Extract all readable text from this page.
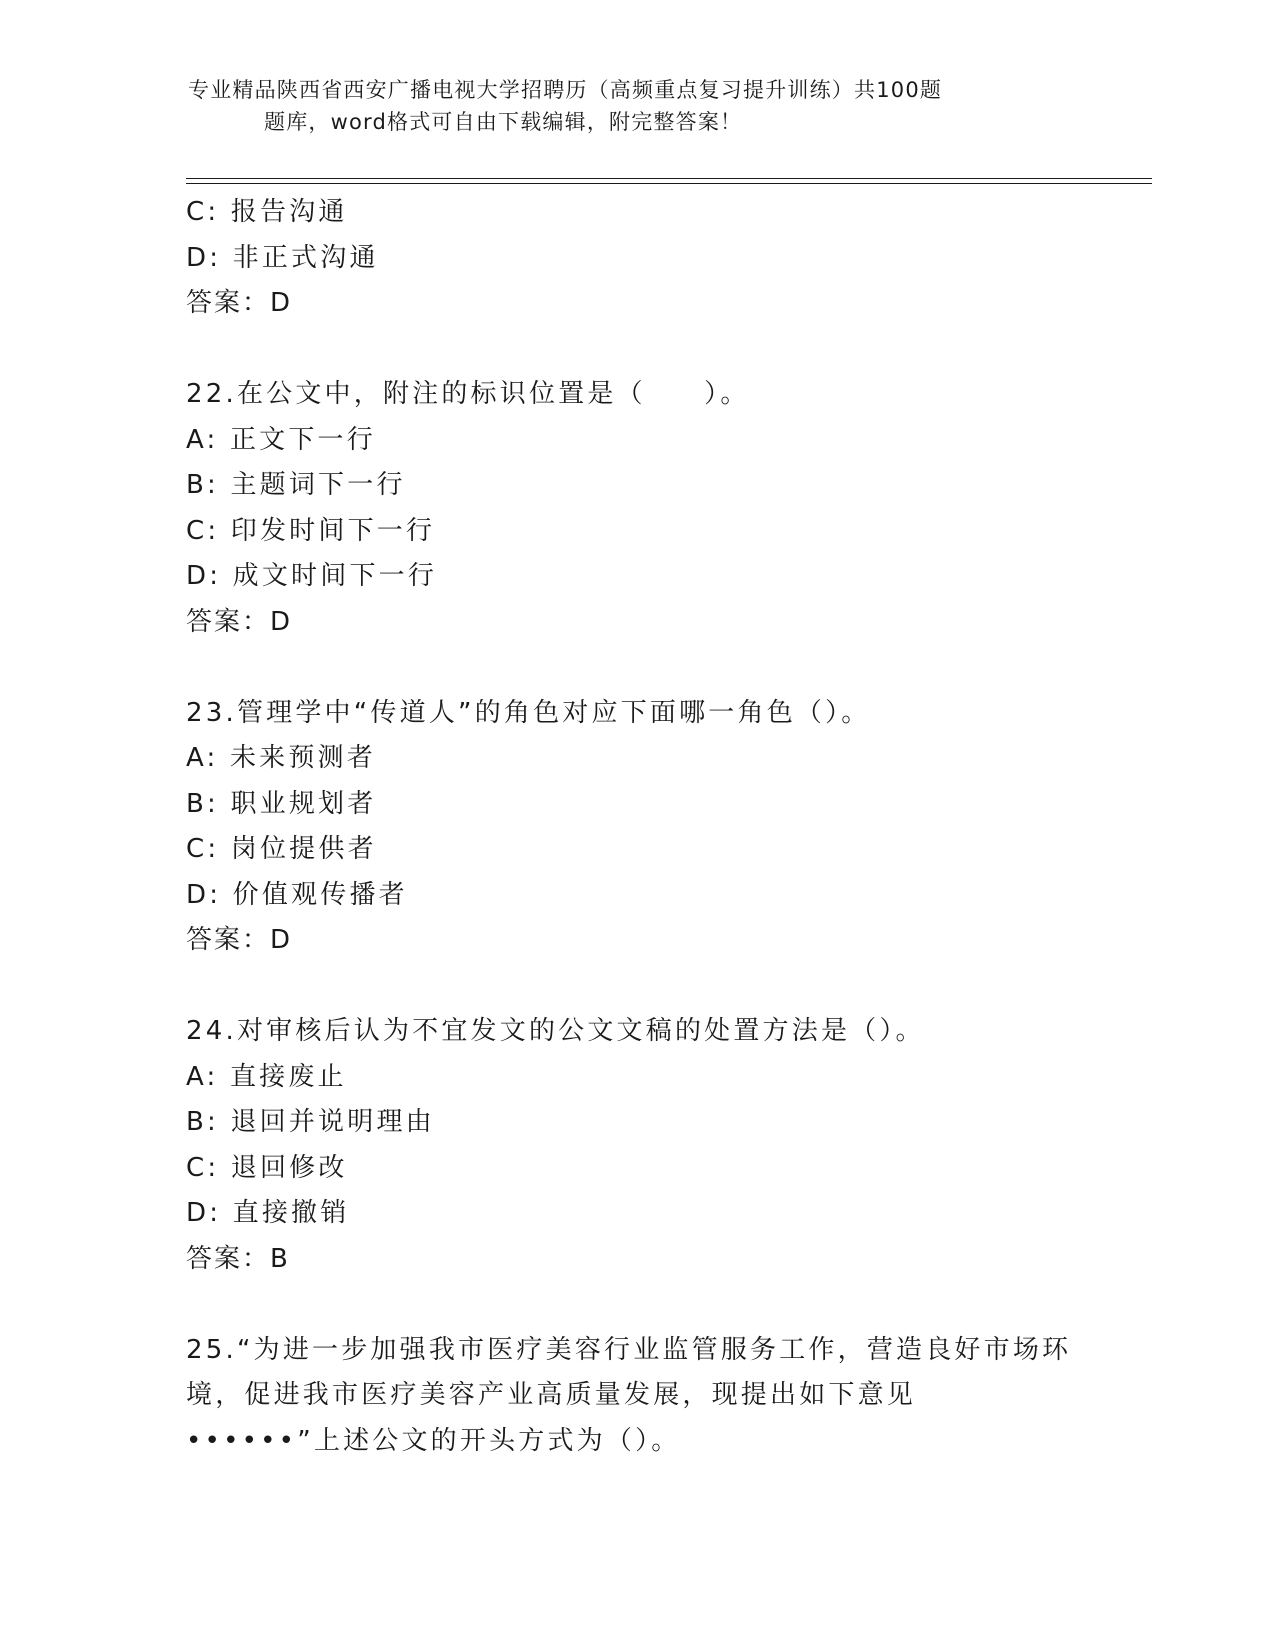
专业精品陕西省西安广播电视大学招聘历（高频重点复习提升训练）共100题
题库，word格式可自由下载编辑，附完整答案！
C: 报告沟通
D: 非正式沟通
答案：D
22.在公文中，附注的标识位置是（　　）。
A: 正文下一行
B: 主题词下一行
C: 印发时间下一行
D: 成文时间下一行
答案：D
23.管理学中“传道人”的角色对应下面哪一角色（）。
A: 未来预测者
B: 职业规划者
C: 岗位提供者
D: 价值观传播者
答案：D
24.对审核后认为不宜发文的公文文稿的处置方法是（）。
A: 直接废止
B: 退回并说明理由
C: 退回修改
D: 直接撤销
答案：B
25.“为进一步加强我市医疗美容行业监管服务工作，营造良好市场环
境，促进我市医疗美容产业高质量发展，现提出如下意见
••••••”上述公文的开头方式为（）。
